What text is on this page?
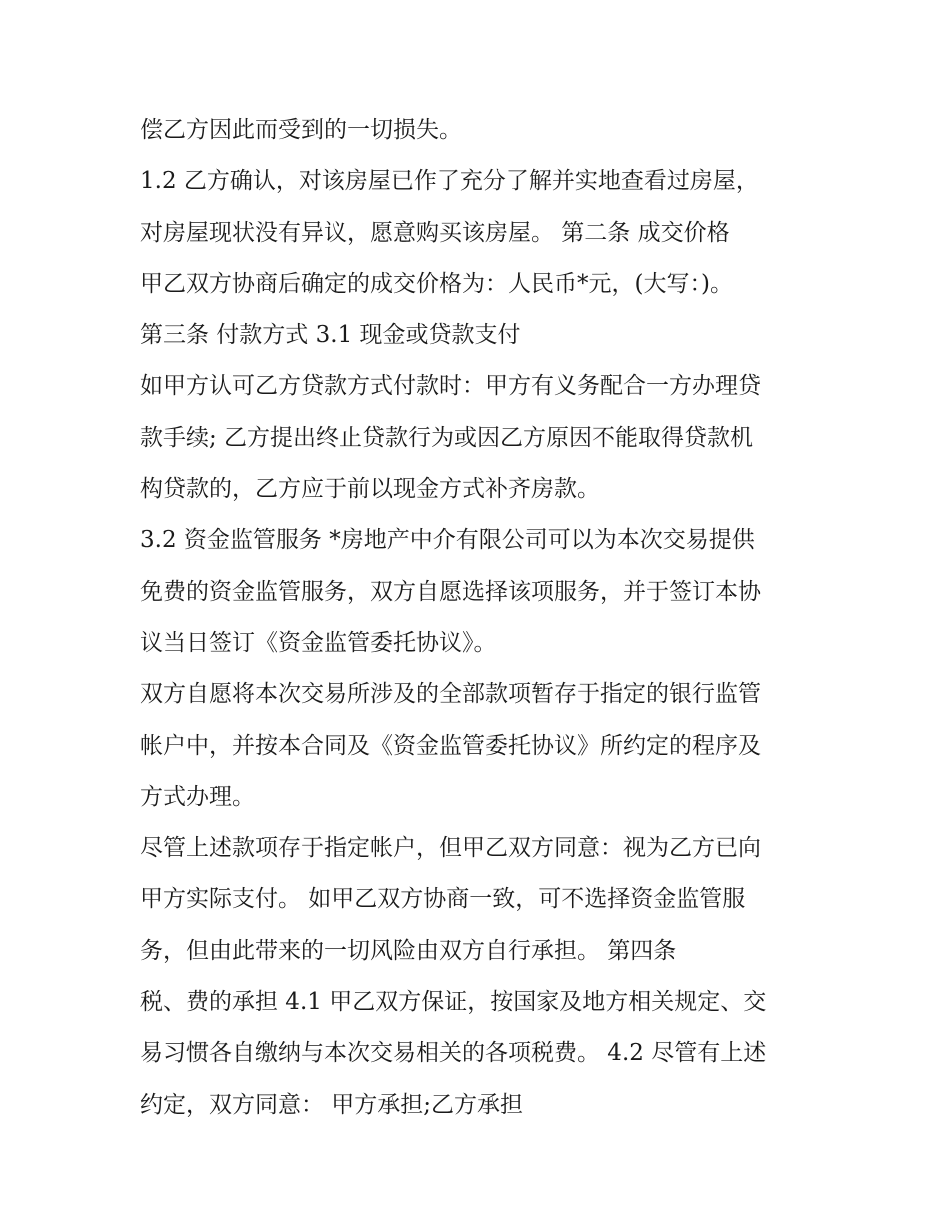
偿乙方因此而受到的一切损失。
1.2 乙方确认，对该房屋已作了充分了解并实地查看过房屋，
对房屋现状没有异议，愿意购买该房屋。 第二条 成交价格
甲乙双方协商后确定的成交价格为：人民币*元，(大写：)。
第三条 付款方式 3.1 现金或贷款支付
如甲方认可乙方贷款方式付款时：甲方有义务配合一方办理贷
款手续; 乙方提出终止贷款行为或因乙方原因不能取得贷款机
构贷款的，乙方应于前以现金方式补齐房款。
3.2 资金监管服务 *房地产中介有限公司可以为本次交易提供
免费的资金监管服务，双方自愿选择该项服务，并于签订本协
议当日签订《资金监管委托协议》。
双方自愿将本次交易所涉及的全部款项暂存于指定的银行监管
帐户中，并按本合同及《资金监管委托协议》所约定的程序及
方式办理。
尽管上述款项存于指定帐户，但甲乙双方同意：视为乙方已向
甲方实际支付。 如甲乙双方协商一致，可不选择资金监管服
务，但由此带来的一切风险由双方自行承担。 第四条
税、费的承担 4.1 甲乙双方保证，按国家及地方相关规定、交
易习惯各自缴纳与本次交易相关的各项税费。 4.2 尽管有上述
约定，双方同意： 甲方承担;乙方承担
